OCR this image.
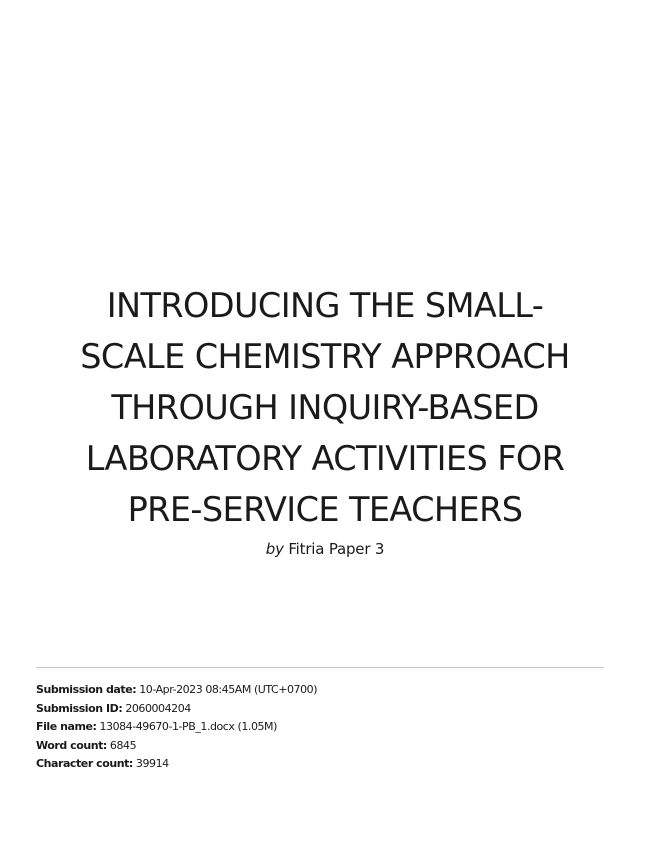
INTRODUCING THE SMALL-

SCALE CHEMISTRY APPROACH

THROUGH INQUIRY-BASED

LABORATORY ACTIVITIES FOR

PRE-SERVICE TEACHERS

by Fitria Paper 3
Submission date: 10-Apr-2023 08:45AM (UTC+0700)
Submission ID: 2060004204
File name: 13084-49670-1-PB_1.docx (1.05M)
Word count: 6845
Character count: 39914
